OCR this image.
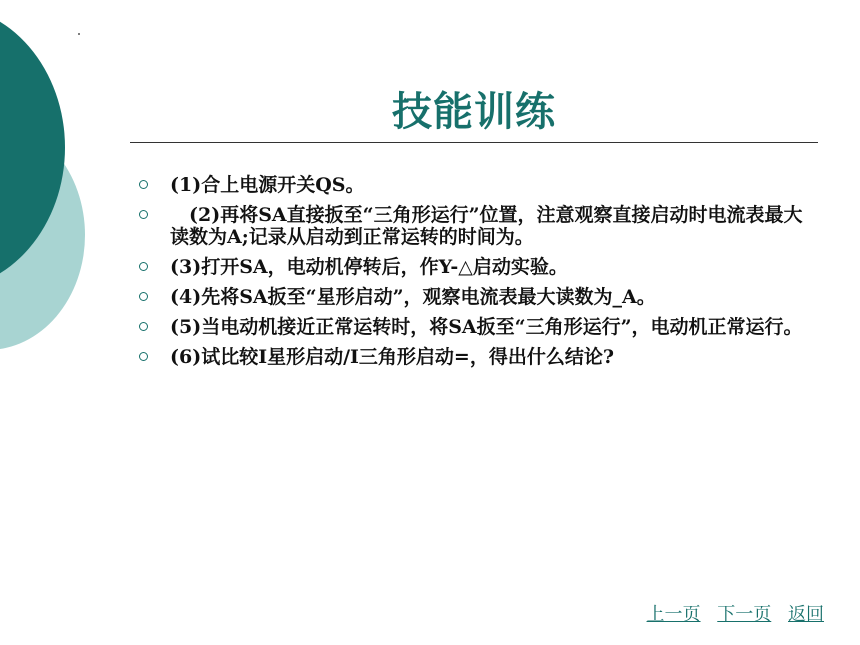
技能训练
(1)合上电源开关QS。
　(2)再将SA直接扳至“三角形运行”位置，注意观察直接启动时电流表最大读数为A;记录从启动到正常运转的时间为。
(3)打开SA，电动机停转后，作Y-△启动实验。
(4)先将SA扳至“星形启动”，观察电流表最大读数为_A。
(5)当电动机接近正常运转时，将SA扳至“三角形运行”，电动机正常运行。
(6)试比较I星形启动/I三角形启动=，得出什么结论?
上一页 下一页 返回
